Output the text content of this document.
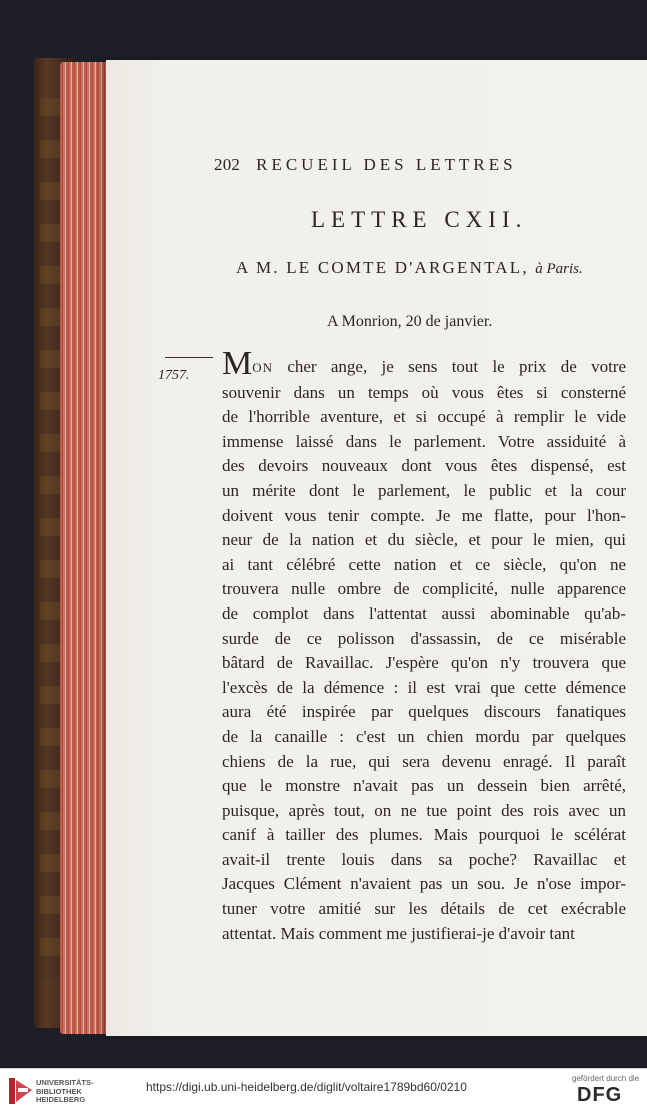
202 RECUEIL DES LETTRES
LETTRE CXII.
A M. LE COMTE D'ARGENTAL, à Paris.
A Monrion, 20 de janvier.
1757. MON cher ange, je sens tout le prix de votre
souvenir dans un temps où vous êtes si consterné
de l'horrible aventure, et si occupé à remplir le vide
immense laissé dans le parlement. Votre assiduité à
des devoirs nouveaux dont vous êtes dispensé, est
un mérite dont le parlement, le public et la cour
doivent vous tenir compte. Je me flatte, pour l'hon-
neur de la nation et du siècle, et pour le mien, qui
ai tant célébré cette nation et ce siècle, qu'on ne
trouvera nulle ombre de complicité, nulle apparence
de complot dans l'attentat aussi abominable qu'ab-
surde de ce polisson d'assassin, de ce misérable
bâtard de Ravaillac. J'espère qu'on n'y trouvera que
l'excès de la démence : il est vrai que cette démence
aura été inspirée par quelques discours fanatiques
de la canaille : c'est un chien mordu par quelques
chiens de la rue, qui sera devenu enragé. Il paraît
que le monstre n'avait pas un dessein bien arrêté,
puisque, après tout, on ne tue point des rois avec un
canif à tailler des plumes. Mais pourquoi le scélérat
avait-il trente louis dans sa poche? Ravaillac et
Jacques Clément n'avaient pas un sou. Je n'ose impor-
tuner votre amitié sur les détails de cet exécrable
attentat. Mais comment me justifierai-je d'avoir tant
UNIVERSITÄTS-
BIBLIOTHEK
HEIDELBERG
https://digi.ub.uni-heidelberg.de/diglit/voltaire1789bd60/0210
gefördert durch die
DFG
